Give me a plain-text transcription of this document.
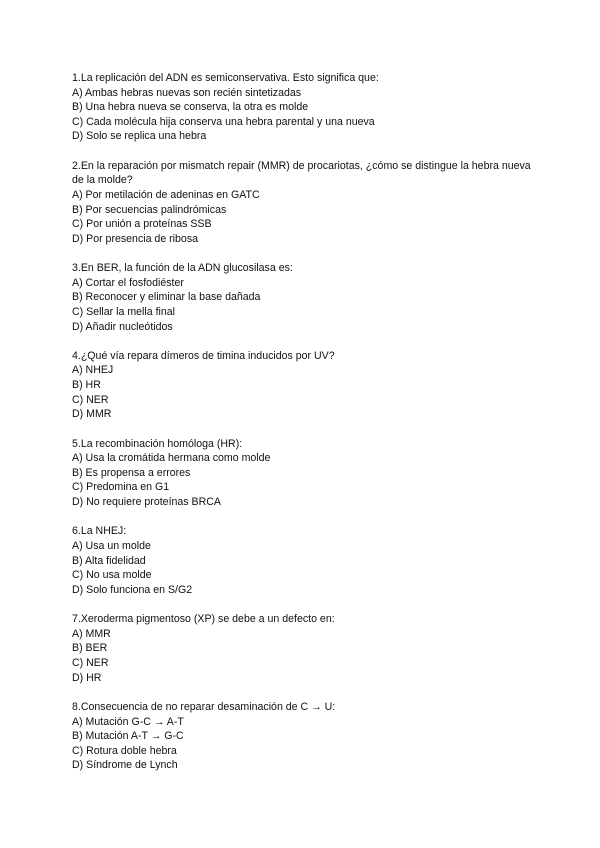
1.La replicación del ADN es semiconservativa. Esto significa que:
A) Ambas hebras nuevas son recién sintetizadas
B) Una hebra nueva se conserva, la otra es molde
C) Cada molécula hija conserva una hebra parental y una nueva
D) Solo se replica una hebra
2.En la reparación por mismatch repair (MMR) de procariotas, ¿cómo se distingue la hebra nueva de la molde?
A) Por metilación de adeninas en GATC
B) Por secuencias palindrómicas
C) Por unión a proteínas SSB
D) Por presencia de ribosa
3.En BER, la función de la ADN glucosilasa es:
A) Cortar el fosfodiéster
B) Reconocer y eliminar la base dañada
C) Sellar la mella final
D) Añadir nucleótidos
4.¿Qué vía repara dímeros de timina inducidos por UV?
A) NHEJ
B) HR
C) NER
D) MMR
5.La recombinación homóloga (HR):
A) Usa la cromátida hermana como molde
B) Es propensa a errores
C) Predomina en G1
D) No requiere proteínas BRCA
6.La NHEJ:
A) Usa un molde
B) Alta fidelidad
C) No usa molde
D) Solo funciona en S/G2
7.Xeroderma pigmentoso (XP) se debe a un defecto en:
A) MMR
B) BER
C) NER
D) HR
8.Consecuencia de no reparar desaminación de C → U:
A) Mutación G-C → A-T
B) Mutación A-T → G-C
C) Rotura doble hebra
D) Síndrome de Lynch
